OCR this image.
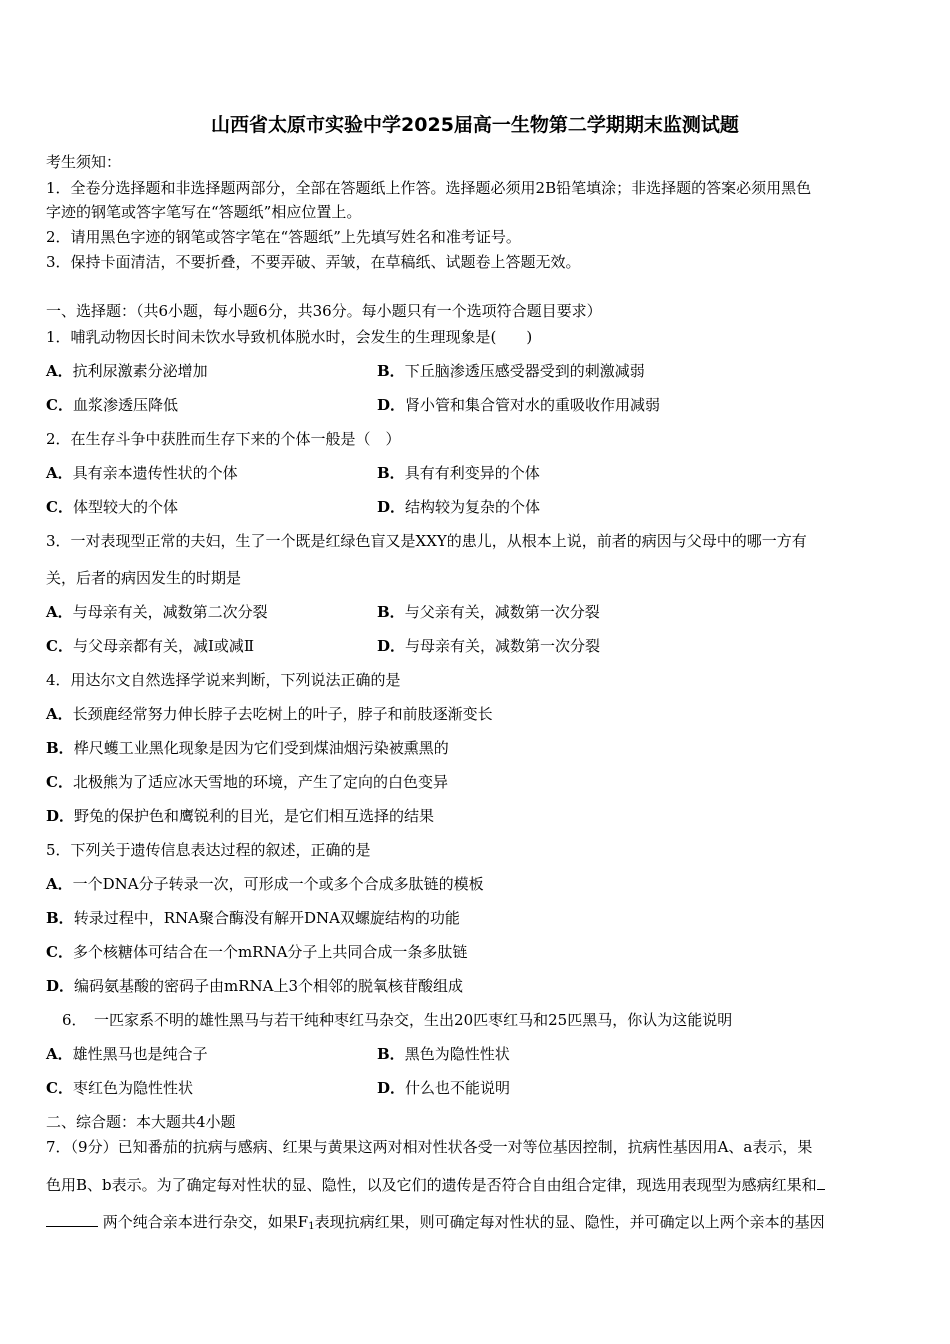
山西省太原市实验中学2025届高一生物第二学期期末监测试题
考生须知：
1．全卷分选择题和非选择题两部分，全部在答题纸上作答。选择题必须用2B铅笔填涂；非选择题的答案必须用黑色
字迹的钢笔或答字笔写在“答题纸”相应位置上。
2．请用黑色字迹的钢笔或答字笔在“答题纸”上先填写姓名和准考证号。
3．保持卡面清洁，不要折叠，不要弄破、弄皱，在草稿纸、试题卷上答题无效。
一、选择题：（共6小题，每小题6分，共36分。每小题只有一个选项符合题目要求）
1．哺乳动物因长时间未饮水导致机体脱水时，会发生的生理现象是(　　)
A．抗利尿激素分泌增加	B．下丘脑渗透压感受器受到的刺激减弱
C．血浆渗透压降低	D．肾小管和集合管对水的重吸收作用减弱
2．在生存斗争中获胜而生存下来的个体一般是（　）
A．具有亲本遗传性状的个体	B．具有有利变异的个体
C．体型较大的个体	D．结构较为复杂的个体
3．一对表现型正常的夫妇，生了一个既是红绿色盲又是XXY的患儿，从根本上说，前者的病因与父母中的哪一方有
关，后者的病因发生的时期是
A．与母亲有关，减数第二次分裂	B．与父亲有关，减数第一次分裂
C．与父母亲都有关，减Ⅰ或减Ⅱ	D．与母亲有关，减数第一次分裂
4．用达尔文自然选择学说来判断，下列说法正确的是
A．长颈鹿经常努力伸长脖子去吃树上的叶子，脖子和前肢逐渐变长
B．桦尺蠖工业黑化现象是因为它们受到煤油烟污染被熏黑的
C．北极熊为了适应冰天雪地的环境，产生了定向的白色变异
D．野兔的保护色和鹰锐利的目光，是它们相互选择的结果
5．下列关于遗传信息表达过程的叙述，正确的是
A．一个DNA分子转录一次，可形成一个或多个合成多肽链的模板
B．转录过程中，RNA聚合酶没有解开DNA双螺旋结构的功能
C．多个核糖体可结合在一个mRNA分子上共同合成一条多肽链
D．编码氨基酸的密码子由mRNA上3个相邻的脱氧核苷酸组成
6．　一匹家系不明的雄性黑马与若干纯种枣红马杂交，生出20匹枣红马和25匹黑马，你认为这能说明
A．雄性黑马也是纯合子	B．黑色为隐性性状
C．枣红色为隐性性状	D．什么也不能说明
二、综合题：本大题共4小题
7．（9分）已知番茄的抗病与感病、红果与黄果这两对相对性状各受一对等位基因控制，抗病性基因用A、a表示，果
色用B、b表示。为了确定每对性状的显、隐性，以及它们的遗传是否符合自由组合定律，现选用表现型为感病红果和
两个纯合亲本进行杂交，如果$F_1$表现抗病红果，则可确定每对性状的显、隐性，并可确定以上两个亲本的基因
